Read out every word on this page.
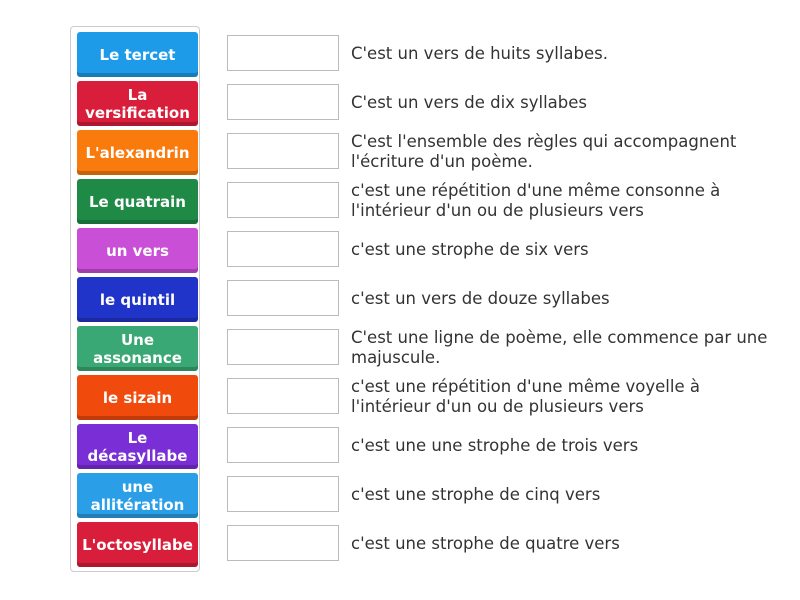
Le tercet
La versification
L'alexandrin
Le quatrain
un vers
le quintil
Une assonance
le sizain
Le décasyllabe
une allitération
L'octosyllabe
C'est un vers de huits syllabes.
C'est un vers de dix syllabes
C'est l'ensemble des règles qui accompagnent l'écriture d'un poème.
c'est une répétition d'une même consonne à l'intérieur d'un ou de plusieurs vers
c'est une strophe de six vers
c'est un vers de douze syllabes
C'est une ligne de poème, elle commence par une majuscule.
c'est une répétition d'une même voyelle à l'intérieur d'un ou de plusieurs vers
c'est une une strophe de trois vers
c'est une strophe de cinq vers
c'est une strophe de quatre vers
